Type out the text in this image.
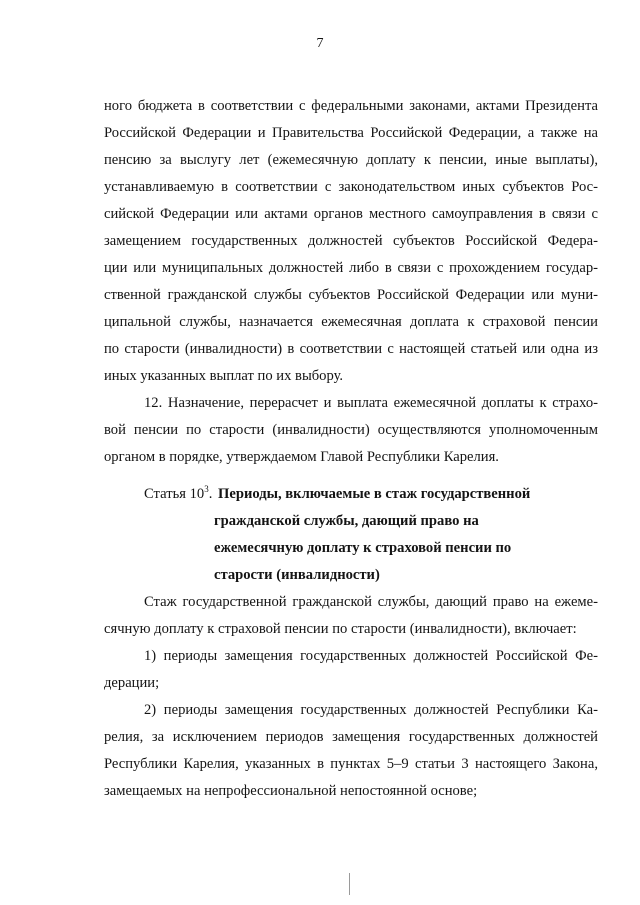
7
ного бюджета в соответствии с федеральными законами, актами Президента
Российской Федерации и Правительства Российской Федерации, а также на
пенсию за выслугу лет (ежемесячную доплату к пенсии, иные выплаты),
устанавливаемую в соответствии с законодательством иных субъектов Рос-
сийской Федерации или актами органов местного самоуправления в связи с
замещением государственных должностей субъектов Российской Федера-
ции или муниципальных должностей либо в связи с прохождением государ-
ственной гражданской службы субъектов Российской Федерации или муни-
ципальной службы, назначается ежемесячная доплата к страховой пенсии
по старости (инвалидности) в соответствии с настоящей статьей или одна из
иных указанных выплат по их выбору.
12. Назначение, перерасчет и выплата ежемесячной доплаты к страхо-
вой пенсии по старости (инвалидности) осуществляются уполномоченным
органом в порядке, утверждаемом Главой Республики Карелия.
Статья $10^3$. Периоды, включаемые в стаж государственной
гражданской службы, дающий право на
ежемесячную доплату к страховой пенсии по
старости (инвалидности)
Стаж государственной гражданской службы, дающий право на ежеме-
сячную доплату к страховой пенсии по старости (инвалидности), включает:
1) периоды замещения государственных должностей Российской Фе-
дерации;
2) периоды замещения государственных должностей Республики Ка-
релия, за исключением периодов замещения государственных должностей
Республики Карелия, указанных в пунктах 5–9 статьи 3 настоящего Закона,
замещаемых на непрофессиональной непостоянной основе;
